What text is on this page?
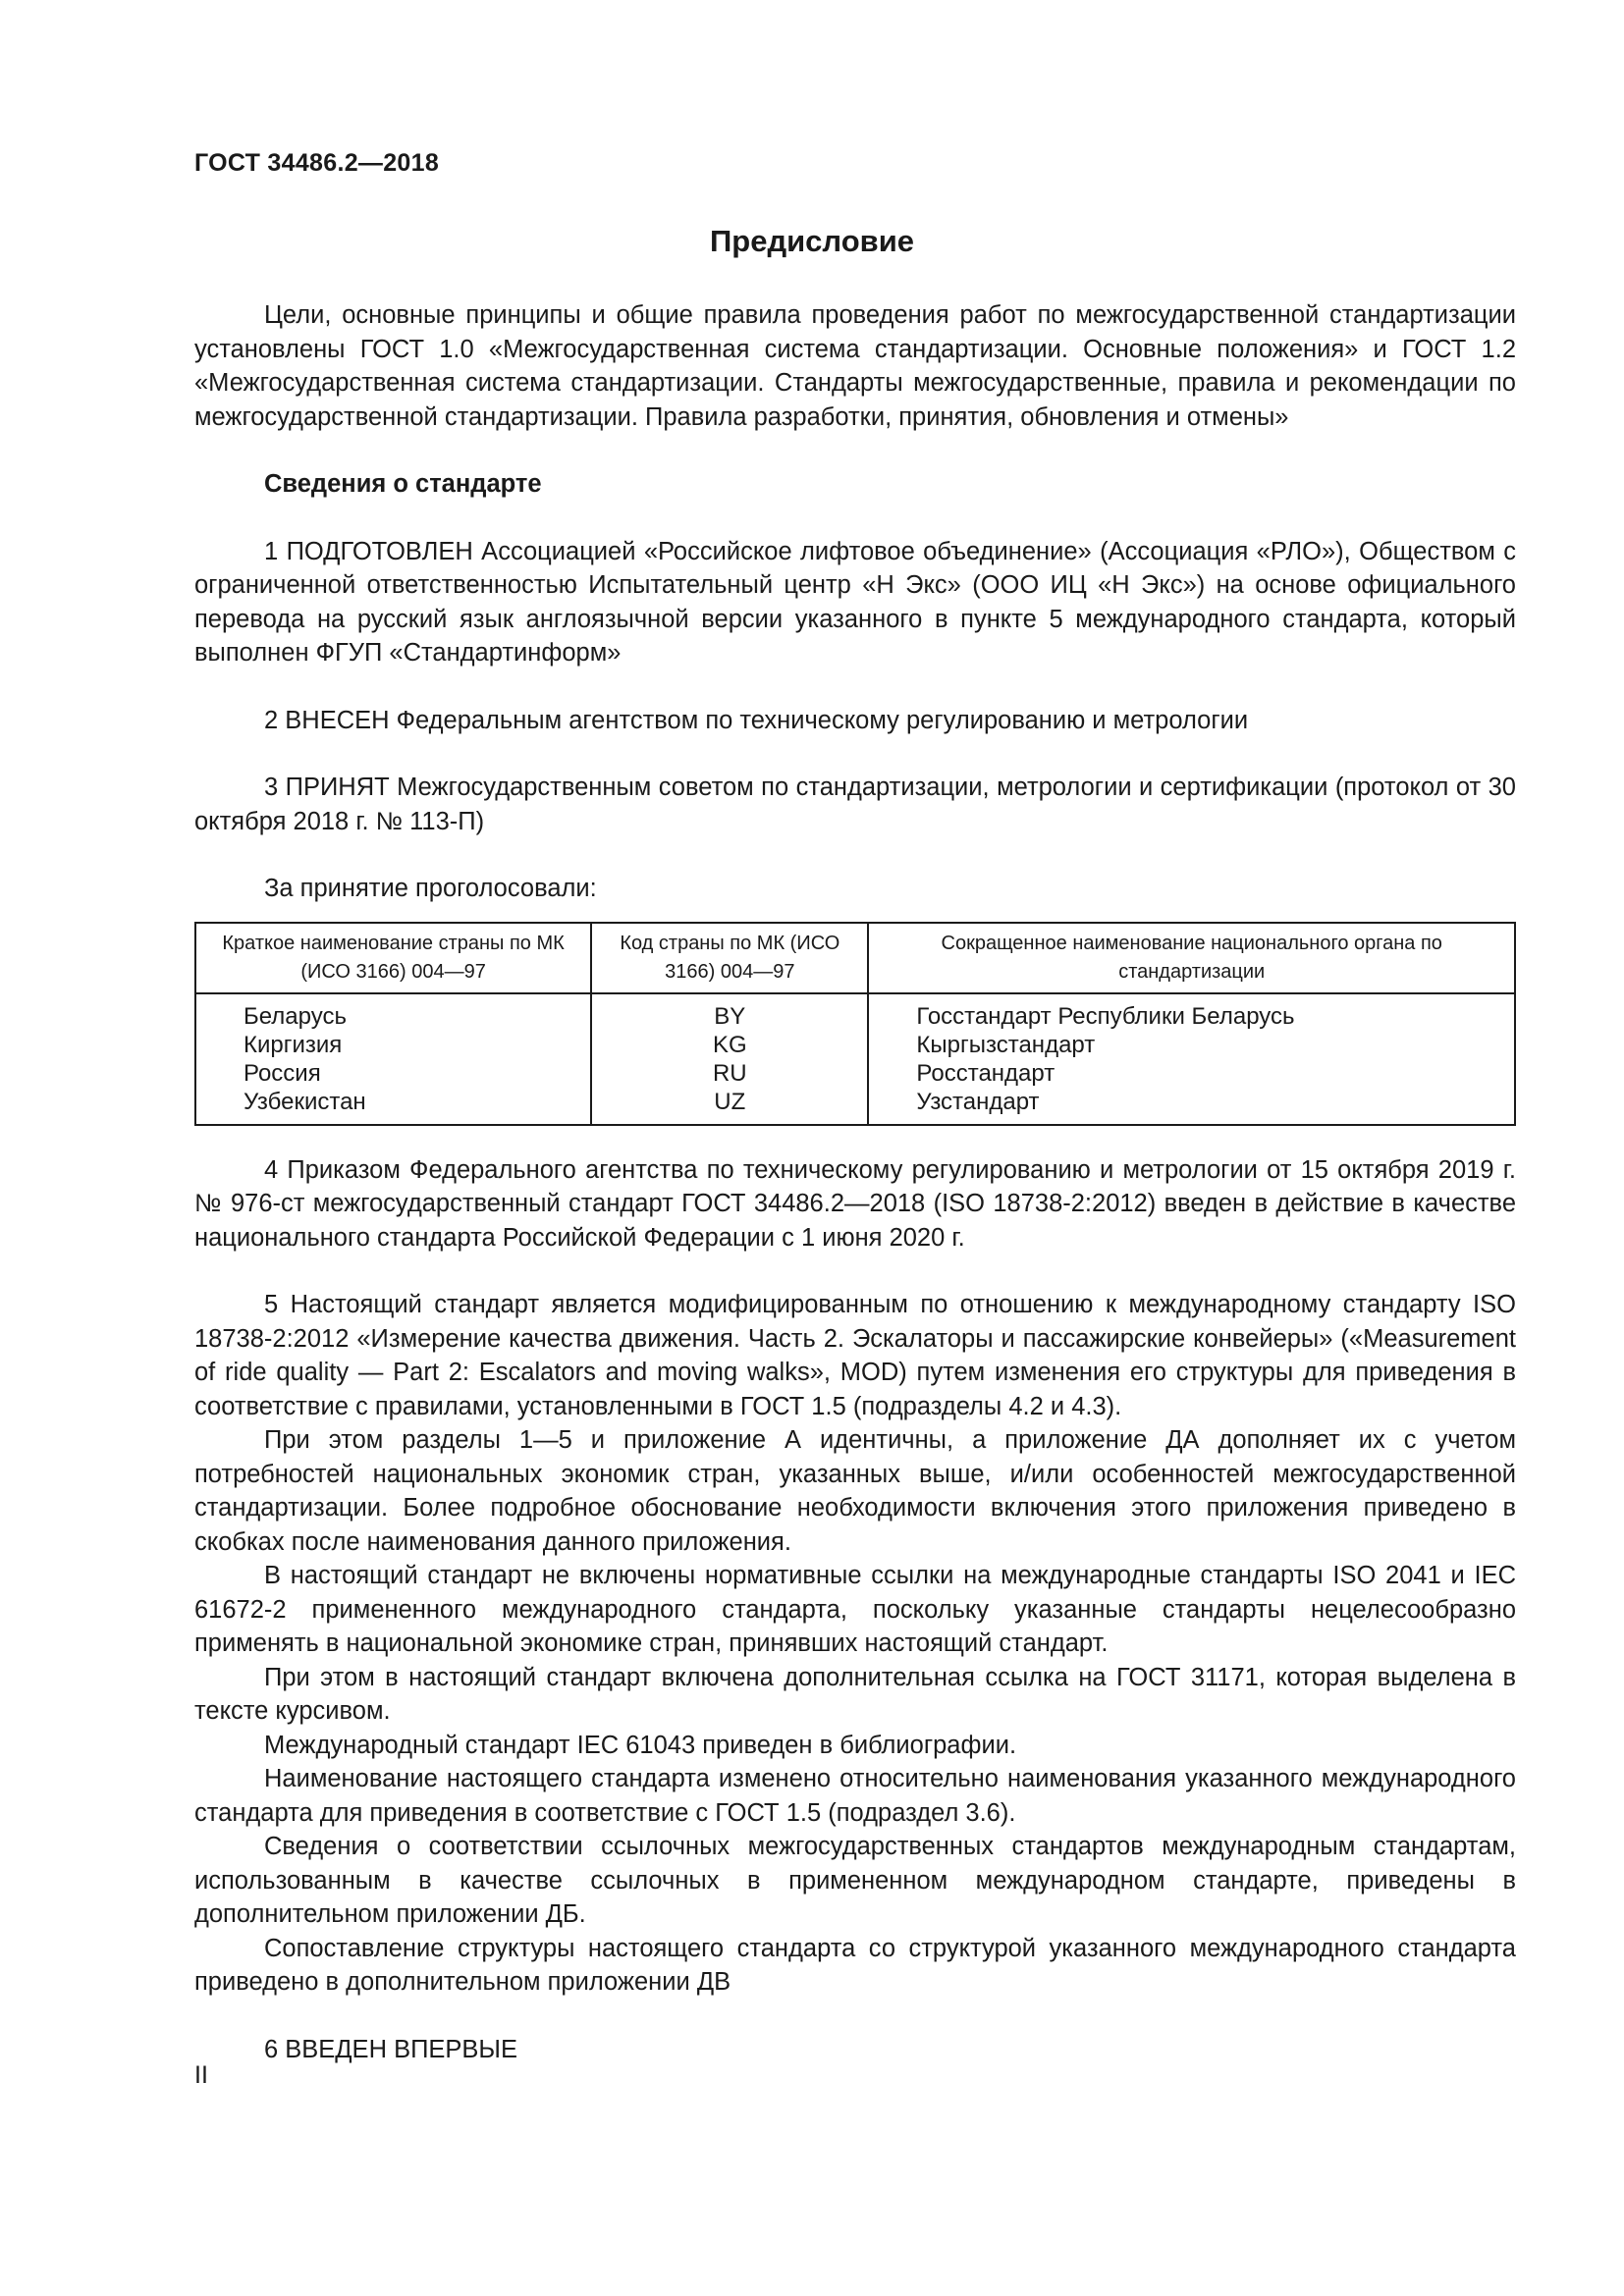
ГОСТ 34486.2—2018
Предисловие

Цели, основные принципы и общие правила проведения работ по межгосударственной стандартизации установлены ГОСТ 1.0 «Межгосударственная система стандартизации. Основные положения» и ГОСТ 1.2 «Межгосударственная система стандартизации. Стандарты межгосударственные, правила и рекомендации по межгосударственной стандартизации. Правила разработки, принятия, обновления и отмены»

Сведения о стандарте

1 ПОДГОТОВЛЕН Ассоциацией «Российское лифтовое объединение» (Ассоциация «РЛО»), Обществом с ограниченной ответственностью Испытательный центр «Н Экс» (ООО ИЦ «Н Экс») на основе официального перевода на русский язык англоязычной версии указанного в пункте 5 международного стандарта, который выполнен ФГУП «Стандартинформ»

2 ВНЕСЕН Федеральным агентством по техническому регулированию и метрологии

3 ПРИНЯТ Межгосударственным советом по стандартизации, метрологии и сертификации (протокол от 30 октября 2018 г. № 113-П)

За принятие проголосовали:

Краткое наименование страны по МК (ИСО 3166) 004—97	Код страны по МК (ИСО 3166) 004—97	Сокращенное наименование национального органа по стандартизации
Беларусь	BY	Госстандарт Республики Беларусь
Киргизия	KG	Кыргызстандарт
Россия	RU	Росстандарт
Узбекистан	UZ	Узстандарт

4 Приказом Федерального агентства по техническому регулированию и метрологии от 15 октября 2019 г. № 976-ст межгосударственный стандарт ГОСТ 34486.2—2018 (ISO 18738-2:2012) введен в действие в качестве национального стандарта Российской Федерации с 1 июня 2020 г.

5 Настоящий стандарт является модифицированным по отношению к международному стандарту ISO 18738-2:2012 «Измерение качества движения. Часть 2. Эскалаторы и пассажирские конвейеры» («Measurement of ride quality — Part 2: Escalators and moving walks», MOD) путем изменения его структуры для приведения в соответствие с правилами, установленными в ГОСТ 1.5 (подразделы 4.2 и 4.3).

При этом разделы 1—5 и приложение А идентичны, а приложение ДА дополняет их с учетом потребностей национальных экономик стран, указанных выше, и/или особенностей межгосударственной стандартизации. Более подробное обоснование необходимости включения этого приложения приведено в скобках после наименования данного приложения.

В настоящий стандарт не включены нормативные ссылки на международные стандарты ISO 2041 и IEC 61672-2 примененного международного стандарта, поскольку указанные стандарты нецелесообразно применять в национальной экономике стран, принявших настоящий стандарт.

При этом в настоящий стандарт включена дополнительная ссылка на ГОСТ 31171, которая выделена в тексте курсивом.

Международный стандарт IEC 61043 приведен в библиографии.

Наименование настоящего стандарта изменено относительно наименования указанного международного стандарта для приведения в соответствие с ГОСТ 1.5 (подраздел 3.6).

Сведения о соответствии ссылочных межгосударственных стандартов международным стандартам, использованным в качестве ссылочных в примененном международном стандарте, приведены в дополнительном приложении ДБ.

Сопоставление структуры настоящего стандарта со структурой указанного международного стандарта приведено в дополнительном приложении ДВ

6 ВВЕДЕН ВПЕРВЫЕ

II
